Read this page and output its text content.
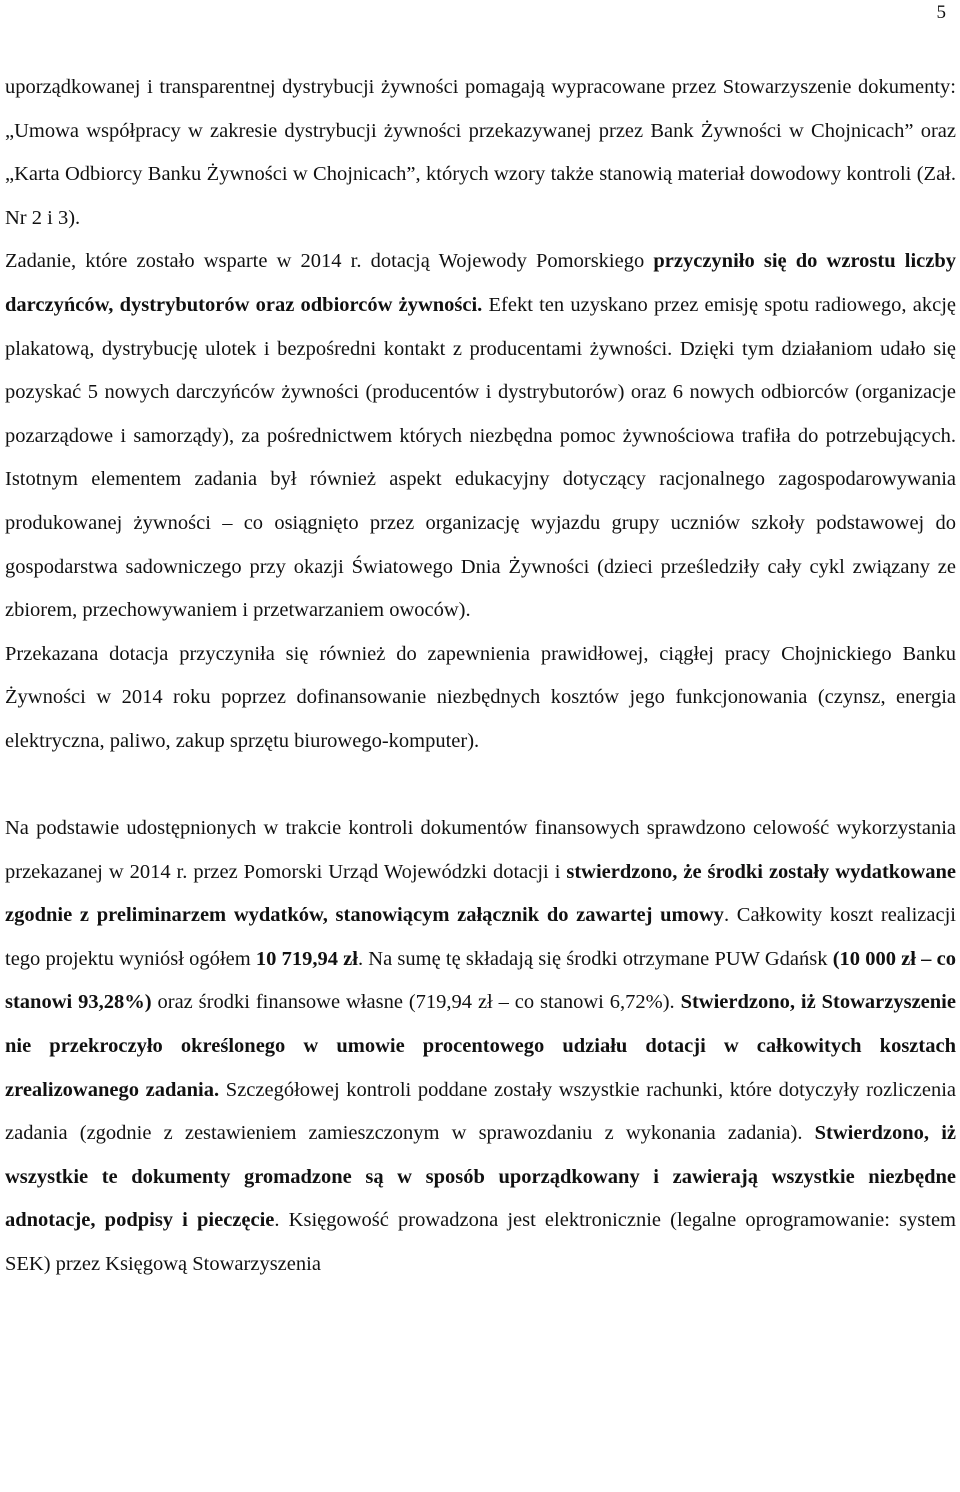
5

uporządkowanej i transparentnej dystrybucji żywności pomagają wypracowane przez Stowarzyszenie dokumenty: „Umowa współpracy w zakresie dystrybucji żywności przekazywanej przez Bank Żywności w Chojnicach” oraz „Karta Odbiorcy Banku Żywności w Chojnicach”, których wzory także stanowią materiał dowodowy kontroli (Zał. Nr 2 i 3).

Zadanie, które zostało wsparte w 2014 r. dotacją Wojewody Pomorskiego przyczyniło się do wzrostu liczby darczyńców, dystrybutorów oraz odbiorców żywności. Efekt ten uzyskano przez emisję spotu radiowego, akcję plakatową, dystrybucję ulotek i bezpośredni kontakt z producentami żywności. Dzięki tym działaniom udało się pozyskać 5 nowych darczyńców żywności (producentów i dystrybutorów) oraz 6 nowych odbiorców (organizacje pozarządowe i samorządy), za pośrednictwem których niezbędna pomoc żywnościowa trafiła do potrzebujących. Istotnym elementem zadania był również aspekt edukacyjny dotyczący racjonalnego zagospodarowywania produkowanej żywności – co osiągnięto przez organizację wyjazdu grupy uczniów szkoły podstawowej do gospodarstwa sadowniczego przy okazji Światowego Dnia Żywności (dzieci prześledziły cały cykl związany ze zbiorem, przechowywaniem i przetwarzaniem owoców).

Przekazana dotacja przyczyniła się również do zapewnienia prawidłowej, ciągłej pracy Chojnickiego Banku Żywności w 2014 roku poprzez dofinansowanie niezbędnych kosztów jego funkcjonowania (czynsz, energia elektryczna, paliwo, zakup sprzętu biurowego-komputer).

Na podstawie udostępnionych w trakcie kontroli dokumentów finansowych sprawdzono celowość wykorzystania przekazanej w 2014 r. przez Pomorski Urząd Wojewódzki dotacji i stwierdzono, że środki zostały wydatkowane zgodnie z preliminarzem wydatków, stanowiącym załącznik do zawartej umowy. Całkowity koszt realizacji tego projektu wyniósł ogółem 10 719,94 zł. Na sumę tę składają się środki otrzymane PUW Gdańsk (10 000 zł – co stanowi 93,28%) oraz środki finansowe własne (719,94 zł – co stanowi 6,72%). Stwierdzono, iż Stowarzyszenie nie przekroczyło określonego w umowie procentowego udziału dotacji w całkowitych kosztach zrealizowanego zadania. Szczegółowej kontroli poddane zostały wszystkie rachunki, które dotyczyły rozliczenia zadania (zgodnie z zestawieniem zamieszczonym w sprawozdaniu z wykonania zadania). Stwierdzono, iż wszystkie te dokumenty gromadzone są w sposób uporządkowany i zawierają wszystkie niezbędne adnotacje, podpisy i pieczęcie. Księgowość prowadzona jest elektronicznie (legalne oprogramowanie: system SEK) przez Księgową Stowarzyszenia
